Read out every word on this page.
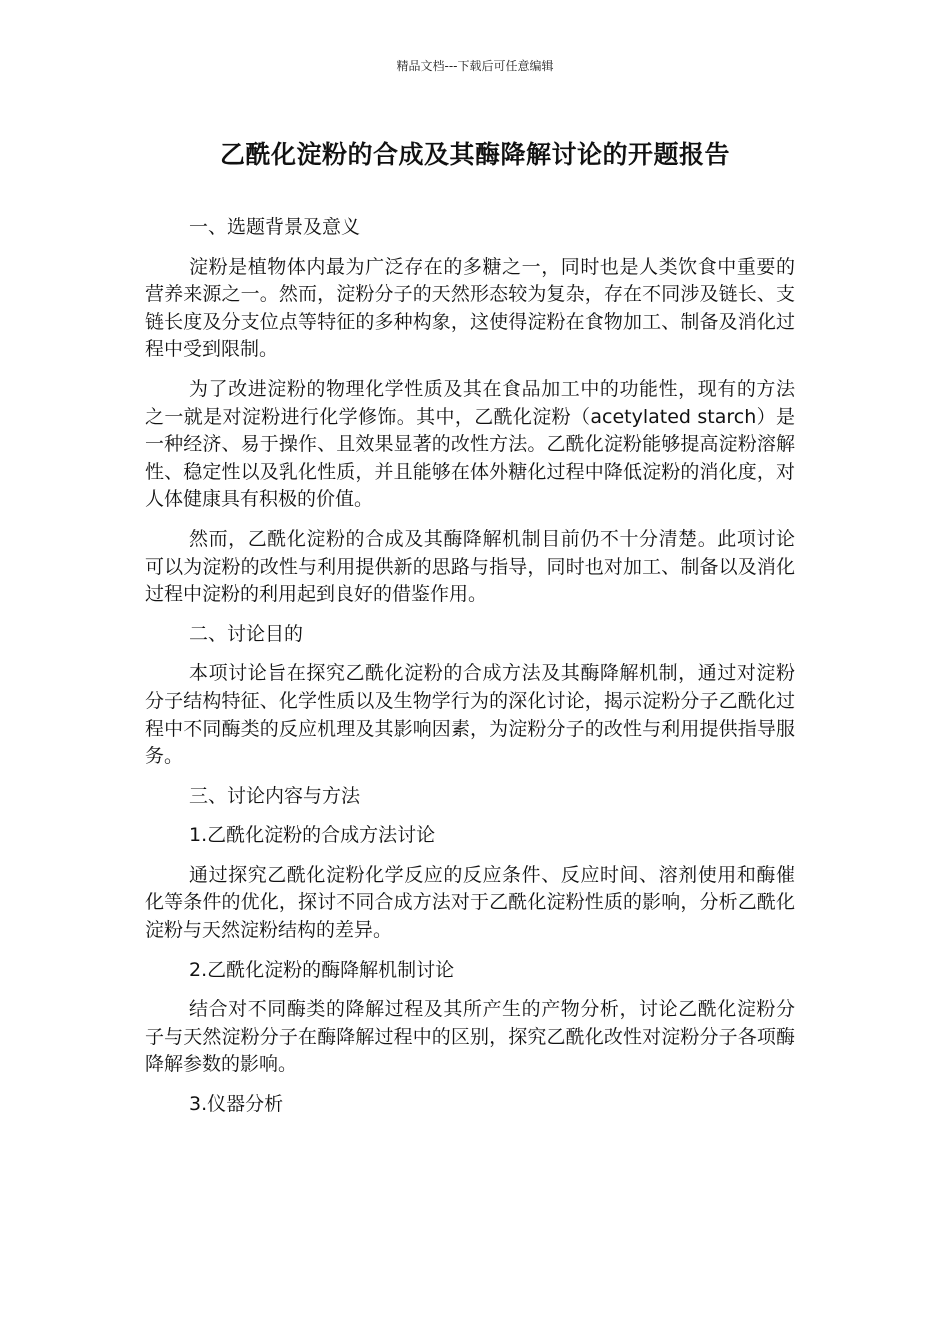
精品文档---下载后可任意编辑
乙酰化淀粉的合成及其酶降解讨论的开题报告

一、选题背景及意义

淀粉是植物体内最为广泛存在的多糖之一，同时也是人类饮食中重要的营养来源之一。然而，淀粉分子的天然形态较为复杂，存在不同涉及链长、支链长度及分支位点等特征的多种构象，这使得淀粉在食物加工、制备及消化过程中受到限制。

为了改进淀粉的物理化学性质及其在食品加工中的功能性，现有的方法之一就是对淀粉进行化学修饰。其中，乙酰化淀粉（acetylated starch）是一种经济、易于操作、且效果显著的改性方法。乙酰化淀粉能够提高淀粉溶解性、稳定性以及乳化性质，并且能够在体外糖化过程中降低淀粉的消化度，对人体健康具有积极的价值。

然而，乙酰化淀粉的合成及其酶降解机制目前仍不十分清楚。此项讨论可以为淀粉的改性与利用提供新的思路与指导，同时也对加工、制备以及消化过程中淀粉的利用起到良好的借鉴作用。

二、讨论目的

本项讨论旨在探究乙酰化淀粉的合成方法及其酶降解机制，通过对淀粉分子结构特征、化学性质以及生物学行为的深化讨论，揭示淀粉分子乙酰化过程中不同酶类的反应机理及其影响因素，为淀粉分子的改性与利用提供指导服务。

三、讨论内容与方法

1.乙酰化淀粉的合成方法讨论

通过探究乙酰化淀粉化学反应的反应条件、反应时间、溶剂使用和酶催化等条件的优化，探讨不同合成方法对于乙酰化淀粉性质的影响，分析乙酰化淀粉与天然淀粉结构的差异。

2.乙酰化淀粉的酶降解机制讨论

结合对不同酶类的降解过程及其所产生的产物分析，讨论乙酰化淀粉分子与天然淀粉分子在酶降解过程中的区别，探究乙酰化改性对淀粉分子各项酶降解参数的影响。

3.仪器分析
